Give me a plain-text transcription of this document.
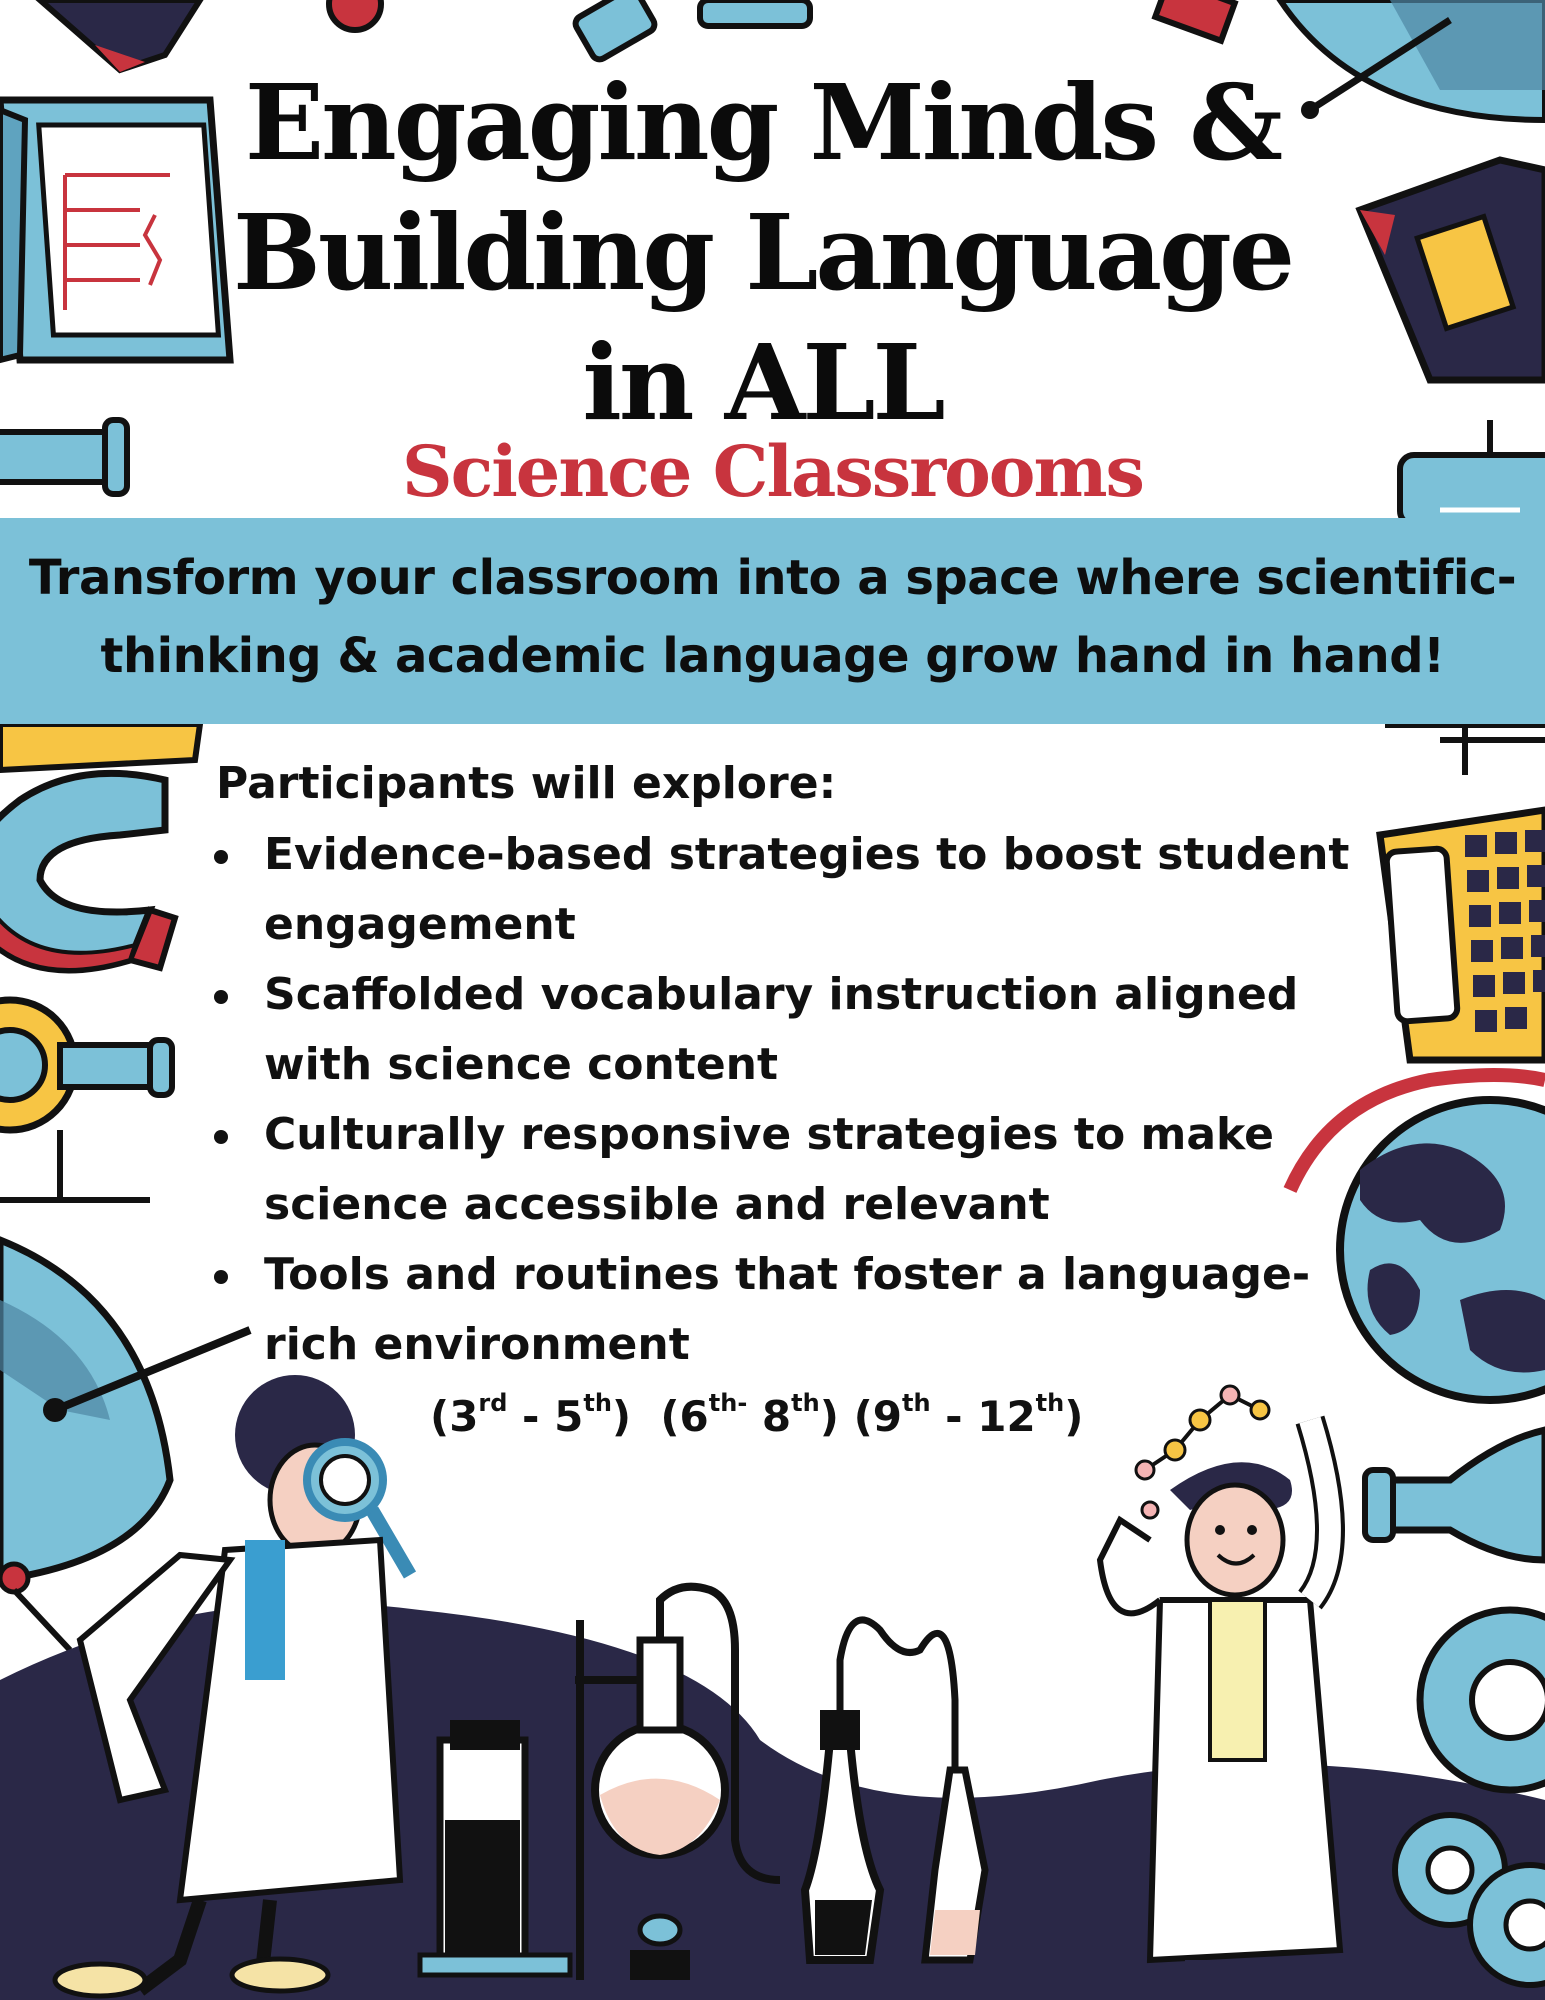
Engaging Minds &
Building Language
in ALL
Science Classrooms
Transform your classroom into a space where scientific-
thinking & academic language grow hand in hand!
Participants will explore:
Evidence-based strategies to boost student
engagement
Scaffolded vocabulary instruction aligned
with science content
Culturally responsive strategies to make
science accessible and relevant
Tools and routines that foster a language-
rich environment
(3rd - 5th)  ($6^{th-}$ 8th) (9th - 12th)
